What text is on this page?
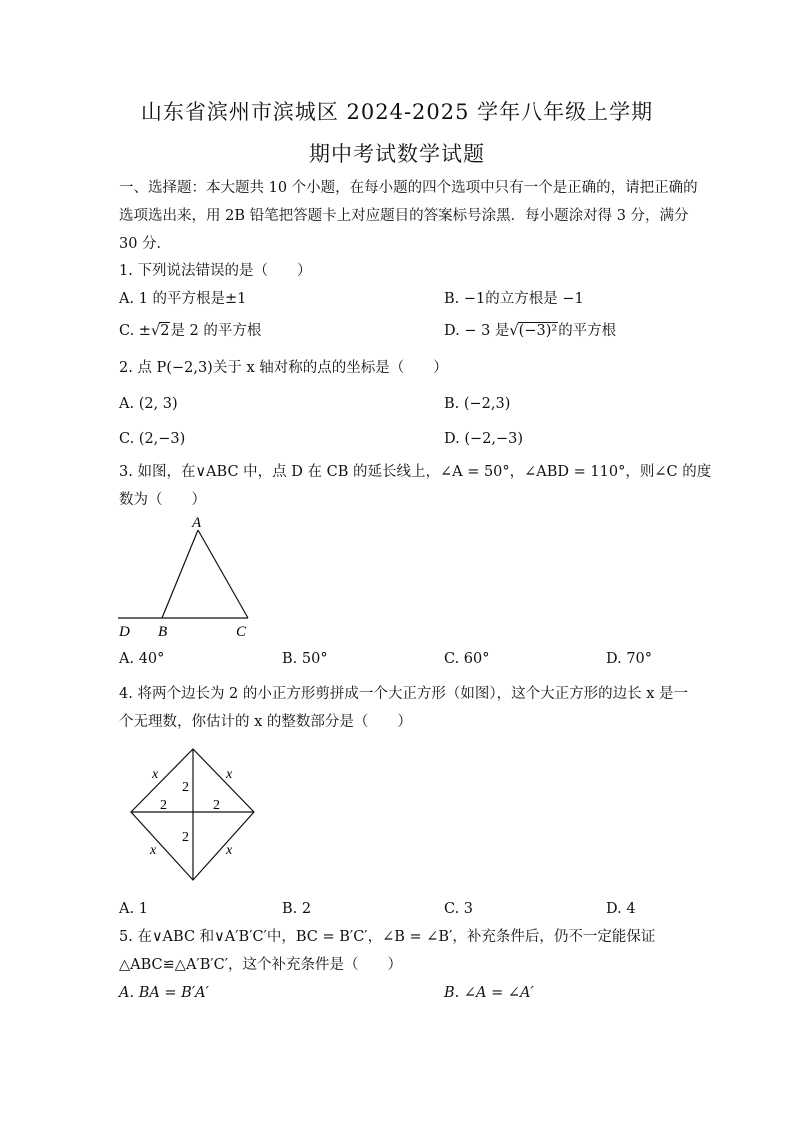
山东省滨州市滨城区 2024-2025 学年八年级上学期
期中考试数学试题
一、选择题：本大题共 10 个小题，在每小题的四个选项中只有一个是正确的，请把正确的
选项选出来，用 2B 铅笔把答题卡上对应题目的答案标号涂黑．每小题涂对得 3 分，满分
30 分．
1. 下列说法错误的是（　　）
A. 1 的平方根是±1	B. −1的立方根是 −1
C. ±√2是 2 的平方根	D. − 3 是√(−3)²的平方根
2. 点 P(−2,3)关于 x 轴对称的点的坐标是（　　）
A. (2, 3)	B. (−2,3)
C. (2,−3)	D. (−2,−3)
3. 如图，在∨ABC 中，点 D 在 CB 的延长线上，∠A = 50°，∠ABD = 110°，则∠C 的度
数为（　　）
A
D B	C
A. 40°	B. 50°	C. 60°	D. 70°
4. 将两个边长为 2 的小正方形剪拼成一个大正方形（如图），这个大正方形的边长 x 是一
个无理数，你估计的 x 的整数部分是（　　）
x	x
x	x
2
2	2
2
A. 1	B. 2	C. 3	D. 4
5. 在∨ABC 和∨A′B′C′中，BC = B′C′，∠B = ∠B′，补充条件后，仍不一定能保证
△ABC≌△A′B′C′，这个补充条件是（　　）
A. BA = B′A′	B. ∠A = ∠A′
